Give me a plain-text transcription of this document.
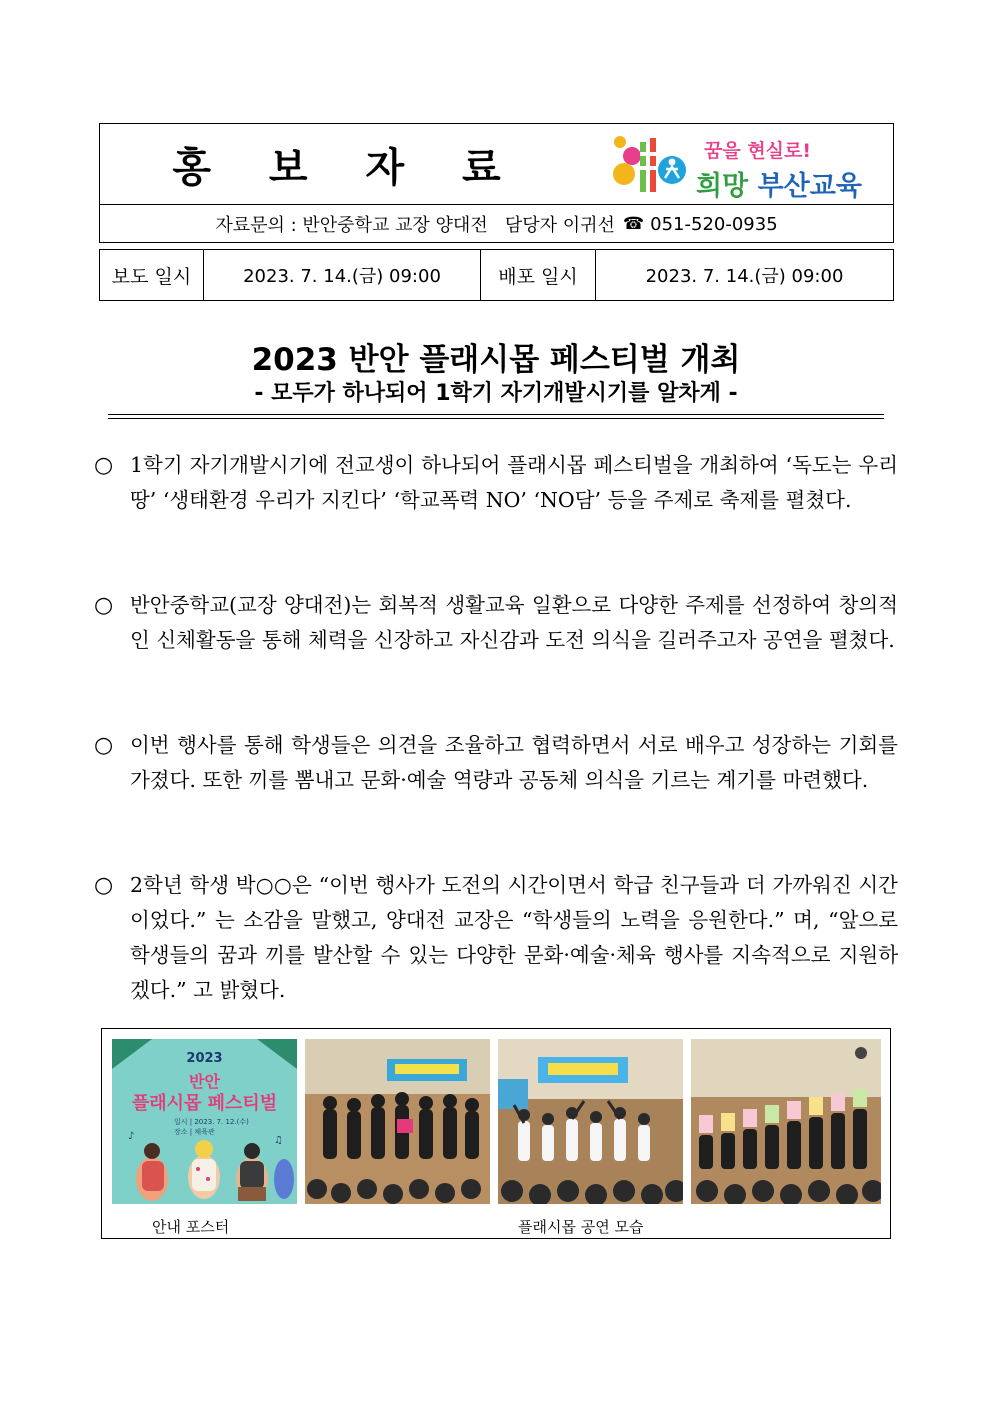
홍 보 자 료	꿈을 현실로!
희망 부산교육
자료문의 : 반안중학교 교장 양대전
담당자 이귀선 ☎ 051-520-0935
보도 일시	2023. 7. 14.(금) 09:00	배포 일시	2023. 7. 14.(금) 09:00
2023 반안 플래시몹 페스티벌 개최
- 모두가 하나되어 1학기 자기개발시기를 알차게 -
○ 1학기 자기개발시기에 전교생이 하나되어 플래시몹 페스티벌을 개최하여 ‘독도는 우리땅’ ‘생태환경 우리가 지킨다’ ‘학교폭력 NO’ ‘NO담’ 등을 주제로 축제를 펼쳤다.
○ 반안중학교(교장 양대전)는 회복적 생활교육 일환으로 다양한 주제를 선정하여 창의적인 신체활동을 통해 체력을 신장하고 자신감과 도전 의식을 길러주고자 공연을 펼쳤다.
○ 이번 행사를 통해 학생들은 의견을 조율하고 협력하면서 서로 배우고 성장하는 기회를 가졌다. 또한 끼를 뽐내고 문화·예술 역량과 공동체 의식을 기르는 계기를 마련했다.
○ 2학년 학생 박○○은 “이번 행사가 도전의 시간이면서 학급 친구들과 더 가까워진 시간이었다.” 는 소감을 말했고, 양대전 교장은 “학생들의 노력을 응원한다.” 며, “앞으로 학생들의 꿈과 끼를 발산할 수 있는 다양한 문화·예술·체육 행사를 지속적으로 지원하겠다.” 고 밝혔다.
♪	♫
2023
반안
플래시몹 페스티벌
일시 | 2023. 7. 12.(수)
장소 | 체육관
안내 포스터	플래시몹 공연 모습
